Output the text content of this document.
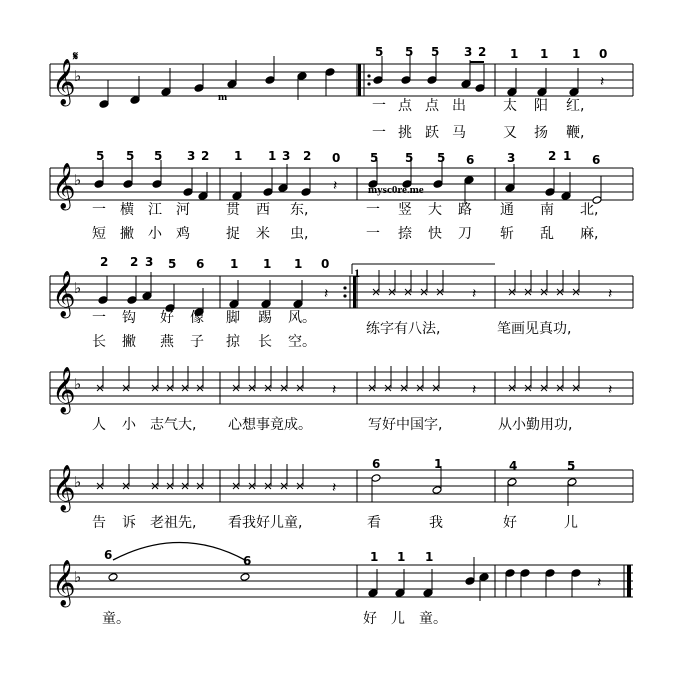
𝄞
♭
𝄞
♭
𝄞
♭
𝄞
♭
𝄞
♭
𝄞
♭
𝄽
𝄽
𝄽	𝄽	𝄽
𝄽	𝄽	𝄽
𝄽
𝄽
𝄋
m
mysc0re.me
1
5 5 5 3 2 1 1 1 0
一 点 点 出	太 阳 红,
一 挑 跃 马	又 扬 鞭,
5 5 5 3 2 1 1 3 2 0 5 5 5 6	3	2 1 6
一 横 江 河	贯 西 东,	一 竖 大 路 通 南 北,
短 撇 小 鸡	捉 米 虫,	一 捺 快 刀 斩 乱 麻,
2 2 3 5 6 1 1 1 0
一 钩 好 像 脚 踢 风。
长 撇 燕 子 掠 长 空。
练字有八法,	笔画见真功,
人 小 志气大, 心想事竟成。	写好中国字,	从小勤用功,
6	1	4	5
告 诉 老祖先, 看我好儿童,	看	我	好	儿
6	6	1 1 1
童。	好 儿 童。
